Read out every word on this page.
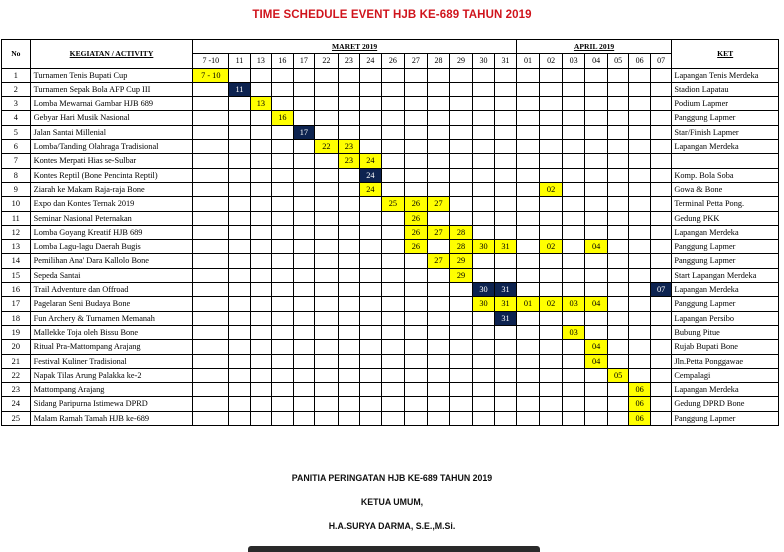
TIME SCHEDULE EVENT HJB KE-689 TAHUN 2019
No	KEGIATAN / ACTIVITY	MARET 2019														APRIL 2019							KET
		7 -10	11	13	16	17	22	23	24	26	27	28	29	30	31	01	02	03	04	05	06	07	
1	Turnamen Tenis Bupati Cup	7 - 10																					Lapangan Tenis Merdeka
2	Turnamen Sepak Bola AFP Cup III		11																				Stadion Lapatau
3	Lomba Mewarnai Gambar HJB 689			13																			Podium Lapmer
4	Gebyar Hari Musik Nasional				16																		Panggung Lapmer
5	Jalan Santai Millenial					17																	Star/Finish Lapmer
6	Lomba/Tanding Olahraga Tradisional						22	23															Lapangan Merdeka
7	Kontes Merpati Hias se-Sulbar							23	24														
8	Kontes Reptil (Bone Pencinta Reptil)								24														Komp. Bola Soba
9	Ziarah ke Makam Raja-raja Bone								24								02						Gowa & Bone
10	Expo dan Kontes Ternak 2019									25	26	27											Terminal Petta Pong.
11	Seminar Nasional Peternakan										26												Gedung PKK
12	Lomba Goyang Kreatif HJB 689										26	27	28										Lapangan Merdeka
13	Lomba Lagu-lagu Daerah Bugis										26		28	30	31		02		04				Panggung Lapmer
14	Pemilihan Ana' Dara Kallolo Bone											27	29										Panggung Lapmer
15	Sepeda Santai												29										Start Lapangan Merdeka
16	Trail Adventure dan Offroad													30	31							07	Lapangan Merdeka
17	Pagelaran Seni Budaya Bone													30	31	01	02	03	04				Panggung Lapmer
18	Fun Archery & Turnamen Memanah														31								Lapangan Persibo
19	Mallekke Toja oleh Bissu Bone																	03					Bubung Pitue
20	Ritual Pra-Mattompang Arajang																		04				Rujab Bupati Bone
21	Festival Kuliner Tradisional																		04				Jln.Petta Ponggawae
22	Napak Tilas Arung Palakka ke-2																			05			Cempalagi
23	Mattompang Arajang																				06		Lapangan Merdeka
24	Sidang Paripurna Istimewa DPRD																				06		Gedung DPRD Bone
25	Malam Ramah Tamah HJB ke-689																				06		Panggung Lapmer
PANITIA PERINGATAN HJB KE-689 TAHUN 2019
KETUA UMUM,
H.A.SURYA DARMA, S.E.,M.Si.
